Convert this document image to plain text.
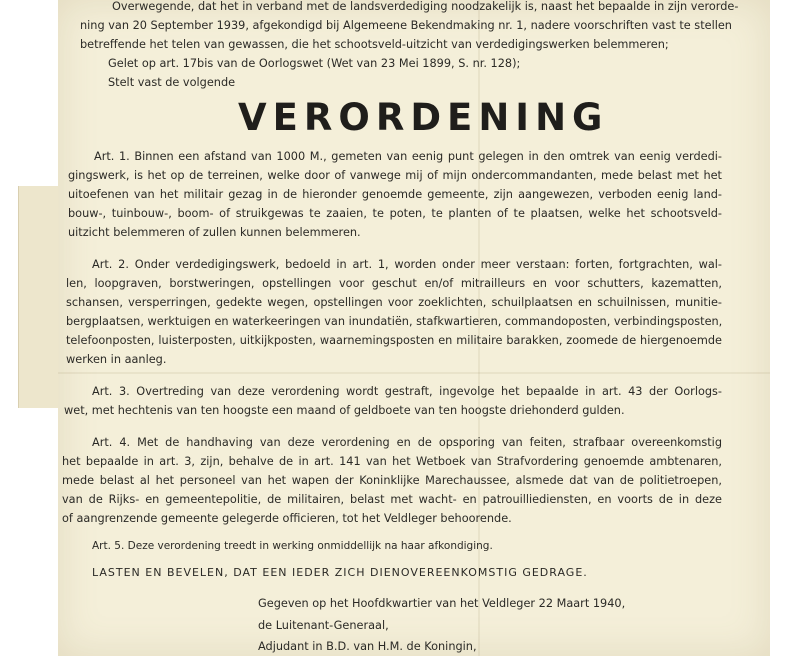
Overwegende, dat het in verband met de landsverdediging noodzakelijk is, naast het bepaalde in zijn verorde-
ning van 20 September 1939, afgekondigd bij Algemeene Bekendmaking nr. 1, nadere voorschriften vast te stellen
betreffende het telen van gewassen, die het schootsveld-uitzicht van verdedigingswerken belemmeren;
Gelet op art. 17bis van de Oorlogswet (Wet van 23 Mei 1899, S. nr. 128);
Stelt vast de volgende
VERORDENING
Art. 1. Binnen een afstand van 1000 M., gemeten van eenig punt gelegen in den omtrek van eenig verdedi-
gingswerk, is het op de terreinen, welke door of vanwege mij of mijn ondercommandanten, mede belast met het
uitoefenen van het militair gezag in de hieronder genoemde gemeente, zijn aangewezen, verboden eenig land-
bouw-, tuinbouw-, boom- of struikgewas te zaaien, te poten, te planten of te plaatsen, welke het schootsveld-
uitzicht belemmeren of zullen kunnen belemmeren.
Art. 2. Onder verdedigingswerk, bedoeld in art. 1, worden onder meer verstaan: forten, fortgrachten, wal-
len, loopgraven, borstweringen, opstellingen voor geschut en/of mitrailleurs en voor schutters, kazematten,
schansen, versperringen, gedekte wegen, opstellingen voor zoeklichten, schuilplaatsen en schuilnissen, munitie-
bergplaatsen, werktuigen en waterkeeringen van inundatiën, stafkwartieren, commandoposten, verbindingsposten,
telefoonposten, luisterposten, uitkijkposten, waarnemingsposten en militaire barakken, zoomede de hiergenoemde
werken in aanleg.
Art. 3. Overtreding van deze verordening wordt gestraft, ingevolge het bepaalde in art. 43 der Oorlogs-
wet, met hechtenis van ten hoogste een maand of geldboete van ten hoogste driehonderd gulden.
Art. 4. Met de handhaving van deze verordening en de opsporing van feiten, strafbaar overeenkomstig
het bepaalde in art. 3, zijn, behalve de in art. 141 van het Wetboek van Strafvordering genoemde ambtenaren,
mede belast al het personeel van het wapen der Koninklijke Marechaussee, alsmede dat van de politietroepen,
van de Rijks- en gemeentepolitie, de militairen, belast met wacht- en patrouilliediensten, en voorts de in deze
of aangrenzende gemeente gelegerde officieren, tot het Veldleger behoorende.
Art. 5. Deze verordening treedt in werking onmiddellijk na haar afkondiging.
LASTEN EN BEVELEN, DAT EEN IEDER ZICH DIENOVEREENKOMSTIG GEDRAGE.
Gegeven op het Hoofdkwartier van het Veldleger 22 Maart 1940,
de Luitenant-Generaal,
Adjudant in B.D. van H.M. de Koningin,
